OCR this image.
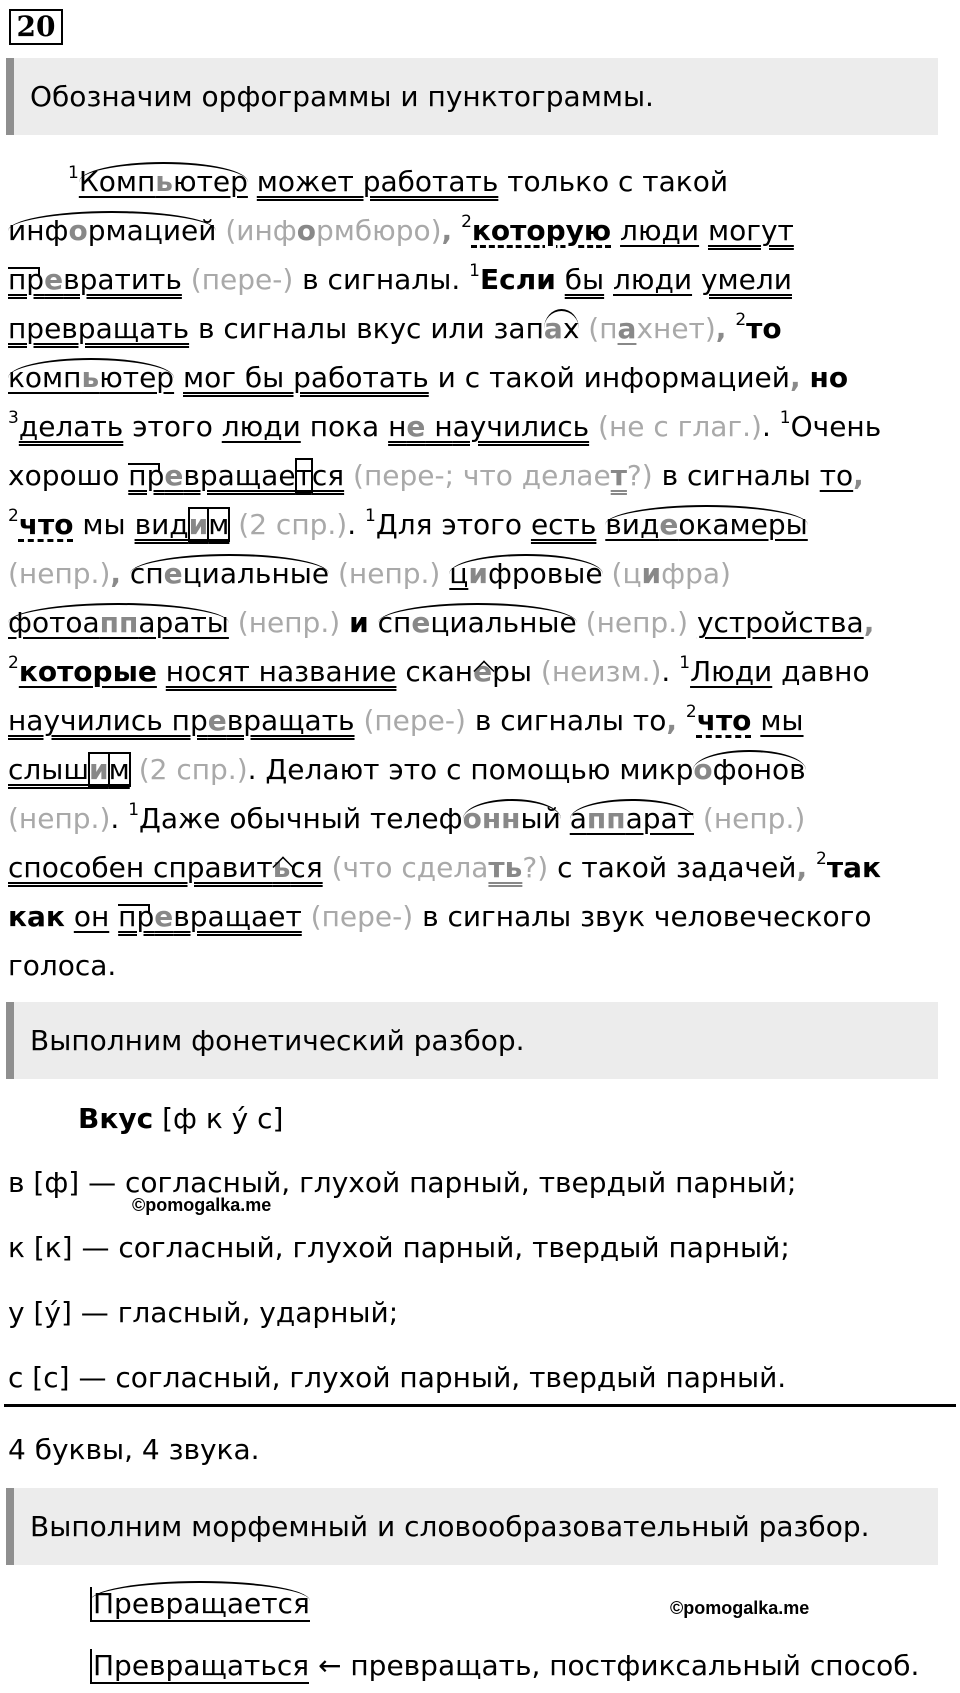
20
Обозначим орфограммы и пунктограммы.
$^1$Компьютер может работать только с такой
информацией (информбюро), $^2$которую люди могут
превратить (пере-) в сигналы. $^1$Если бы люди умели
превращать в сигналы вкус или запах (пахнет), $^2$то
компьютер мог бы работать и с такой информацией, но
$^3$делать этого люди пока не научились (не с глаг.). $^1$Очень
хорошо превращается (пере-; что делает?) в сигналы то,
$^2$что мы видим (2 спр.). $^1$Для этого есть видеокамеры
(непр.), специальные (непр.) цифровые (цифра)
фотоаппараты (непр.) и специальные (непр.) устройства,
$^2$которые носят название сканеры (неизм.). $^1$Люди давно
научились превращать (пере-) в сигналы то, $^2$что мы
слышим (2 спр.). Делают это с помощью микрофонов
(непр.). $^1$Даже обычный телефонный аппарат (непр.)
способен справиться (что сделать?) с такой задачей, $^2$так
как он превращает (пере-) в сигналы звук человеческого
голоса.
Выполним фонетический разбор.
Вкус [ф к у́ с]
в [ф] — согласный, глухой парный, твердый парный;
©pomogalka.me
к [к] — согласный, глухой парный, твердый парный;
у [у́] — гласный, ударный;
с [с] — согласный, глухой парный, твердый парный.
4 буквы, 4 звука.
Выполним морфемный и словообразовательный разбор.
Превращается	©pomogalka.me
Превращаться ← превращать, постфиксальный способ.
